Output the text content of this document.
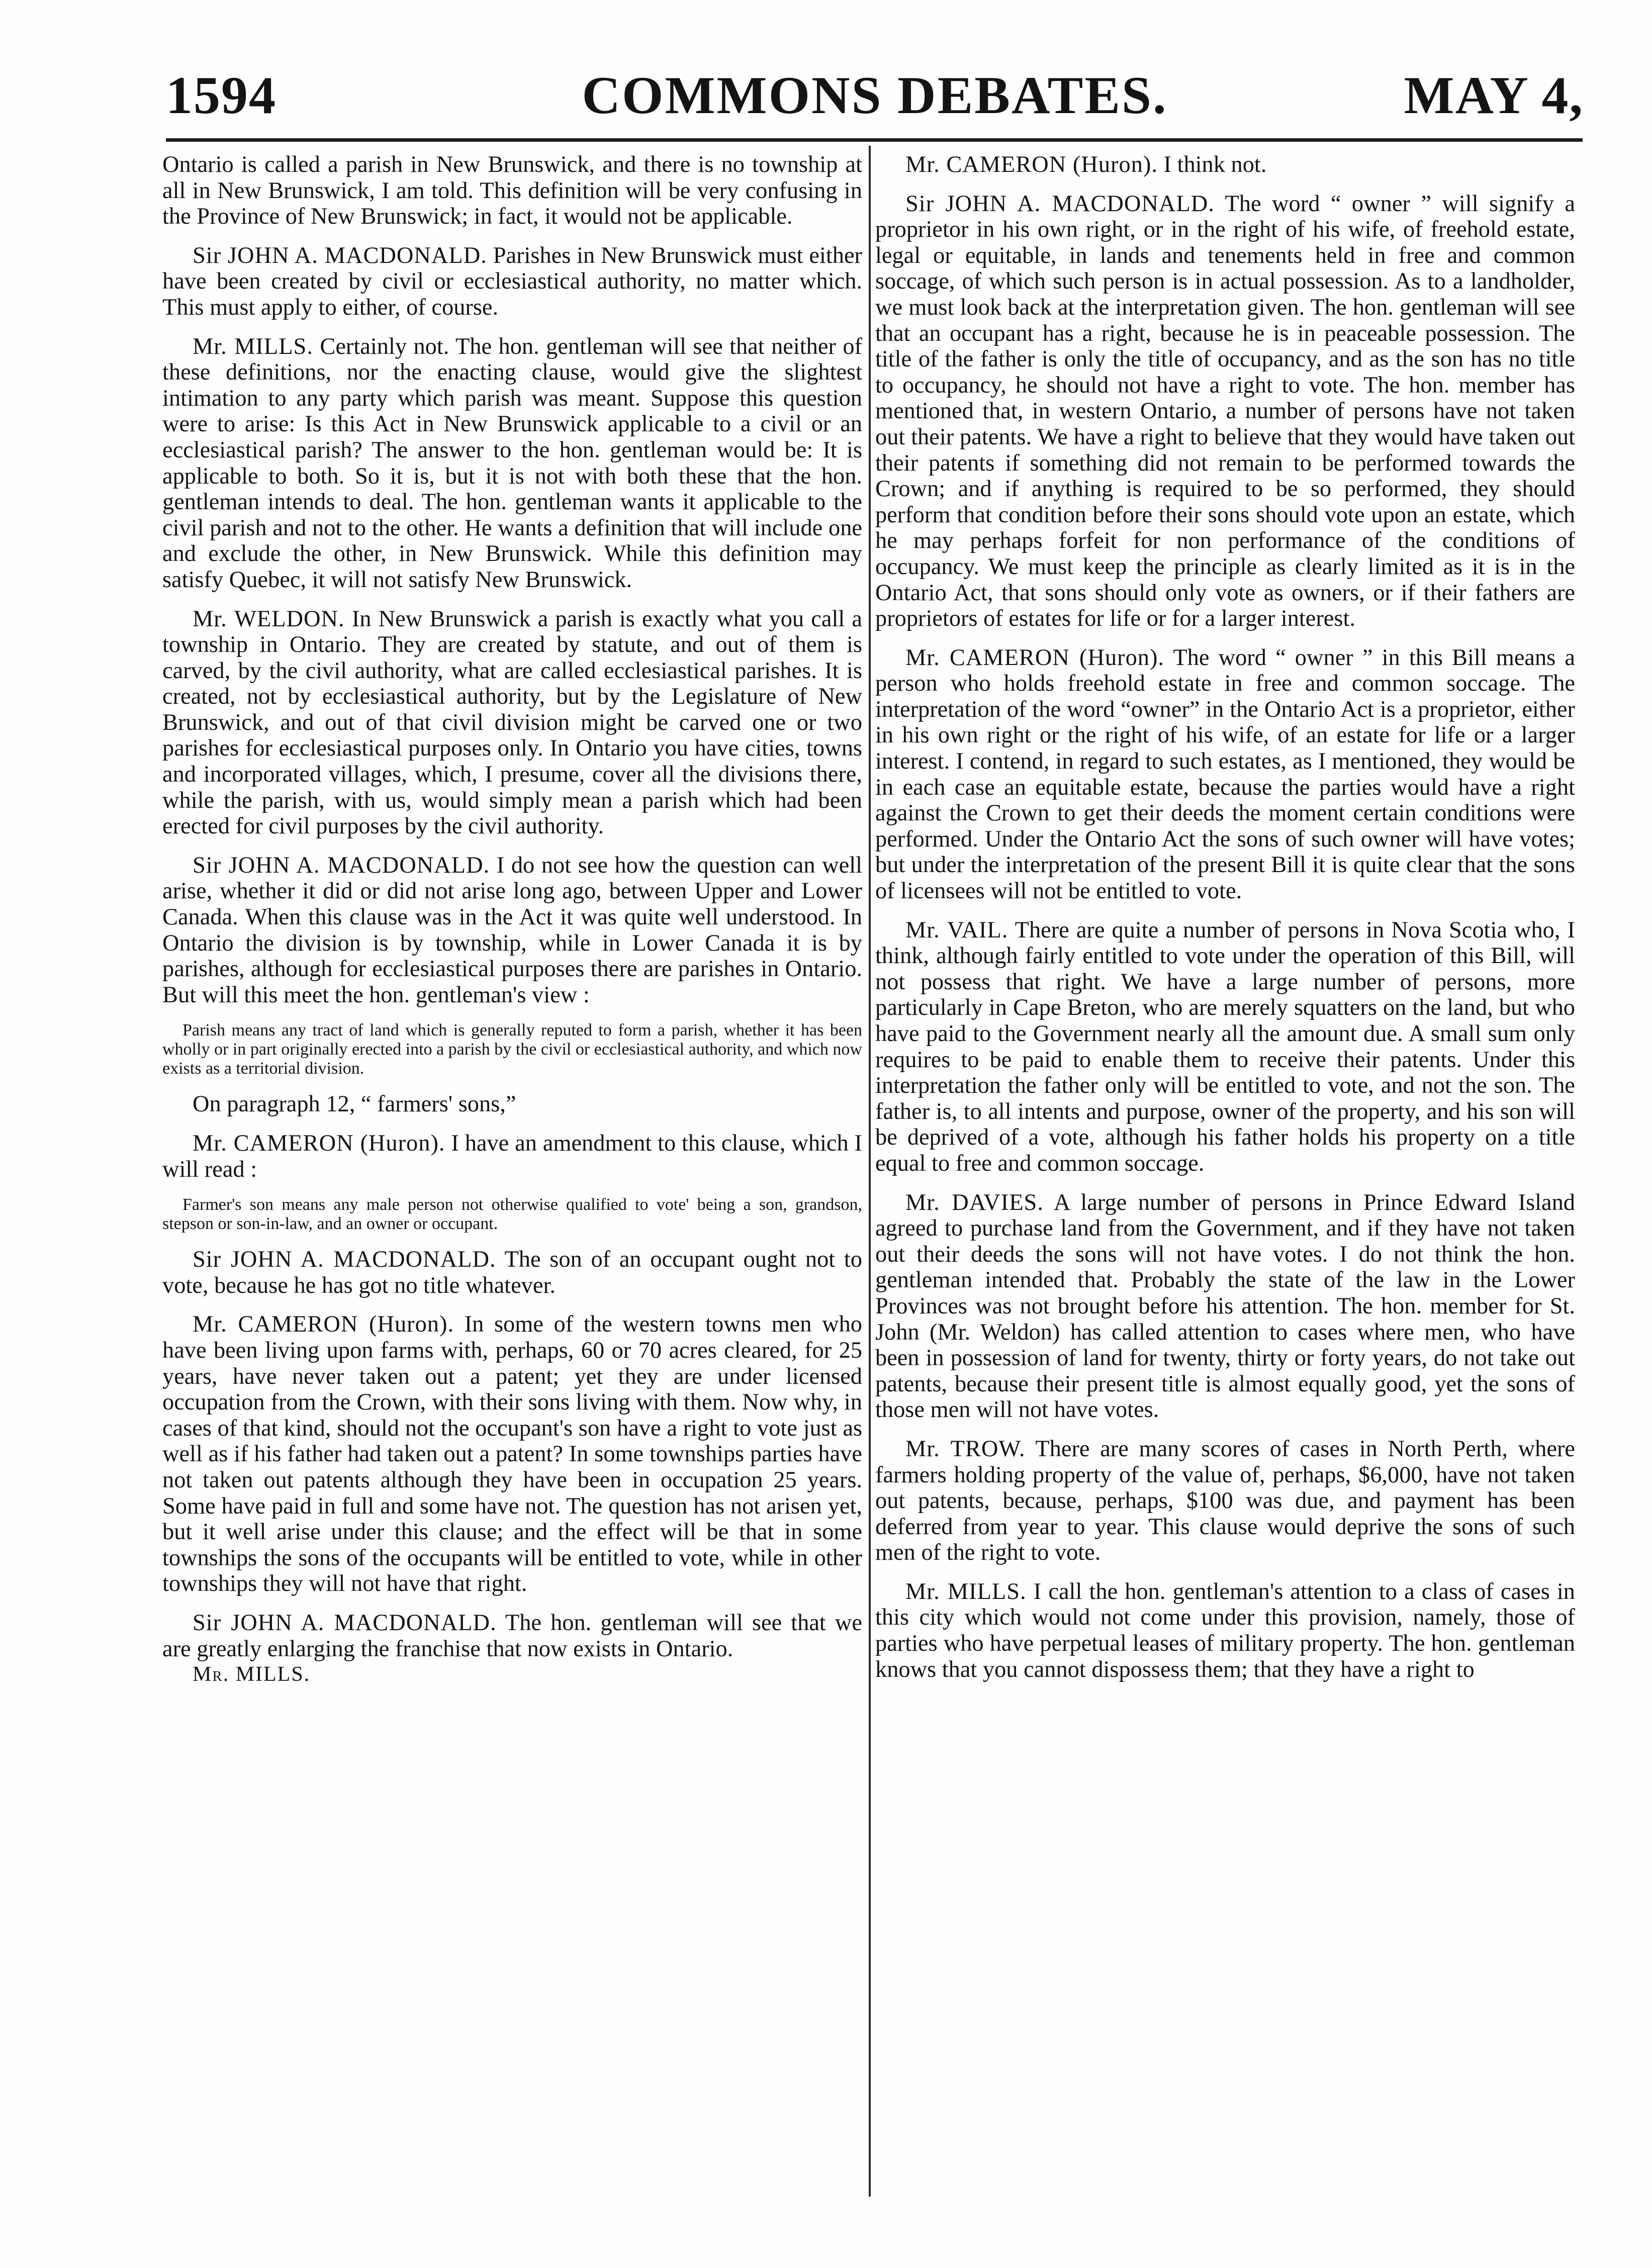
1594	COMMONS DEBATES.	MAY 4,

Ontario is called a parish in New Brunswick, and there is no township at all in New Brunswick, I am told. This definition will be very confusing in the Province of New Brunswick; in fact, it would not be applicable.

Sir JOHN A. MACDONALD. Parishes in New Brunswick must either have been created by civil or ecclesiastical authority, no matter which. This must apply to either, of course.

Mr. MILLS. Certainly not. The hon. gentleman will see that neither of these definitions, nor the enacting clause, would give the slightest intimation to any party which parish was meant. Suppose this question were to arise: Is this Act in New Brunswick applicable to a civil or an ecclesiastical parish? The answer to the hon. gentleman would be: It is applicable to both. So it is, but it is not with both these that the hon. gentleman intends to deal. The hon. gentleman wants it applicable to the civil parish and not to the other. He wants a definition that will include one and exclude the other, in New Brunswick. While this definition may satisfy Quebec, it will not satisfy New Brunswick.

Mr. WELDON. In New Brunswick a parish is exactly what you call a township in Ontario. They are created by statute, and out of them is carved, by the civil authority, what are called ecclesiastical parishes. It is created, not by ecclesiastical authority, but by the Legislature of New Brunswick, and out of that civil division might be carved one or two parishes for ecclesiastical purposes only. In Ontario you have cities, towns and incorporated villages, which, I presume, cover all the divisions there, while the parish, with us, would simply mean a parish which had been erected for civil purposes by the civil authority.

Sir JOHN A. MACDONALD. I do not see how the question can well arise, whether it did or did not arise long ago, between Upper and Lower Canada. When this clause was in the Act it was quite well understood. In Ontario the division is by township, while in Lower Canada it is by parishes, although for ecclesiastical purposes there are parishes in Ontario. But will this meet the hon. gentleman's view :

Parish means any tract of land which is generally reputed to form a parish, whether it has been wholly or in part originally erected into a parish by the civil or ecclesiastical authority, and which now exists as a territorial division.

On paragraph 12, “ farmers' sons,”

Mr. CAMERON (Huron). I have an amendment to this clause, which I will read :

Farmer's son means any male person not otherwise qualified to vote' being a son, grandson, stepson or son-in-law, and an owner or occupant.

Sir JOHN A. MACDONALD. The son of an occupant ought not to vote, because he has got no title whatever.

Mr. CAMERON (Huron). In some of the western towns men who have been living upon farms with, perhaps, 60 or 70 acres cleared, for 25 years, have never taken out a patent; yet they are under licensed occupation from the Crown, with their sons living with them. Now why, in cases of that kind, should not the occupant's son have a right to vote just as well as if his father had taken out a patent? In some townships parties have not taken out patents although they have been in occupation 25 years. Some have paid in full and some have not. The question has not arisen yet, but it well arise under this clause; and the effect will be that in some townships the sons of the occupants will be entitled to vote, while in other townships they will not have that right.

Sir JOHN A. MACDONALD. The hon. gentleman will see that we are greatly enlarging the franchise that now exists in Ontario.

Mr. MILLS.

Mr. CAMERON (Huron). I think not.

Sir JOHN A. MACDONALD. The word “ owner ” will signify a proprietor in his own right, or in the right of his wife, of freehold estate, legal or equitable, in lands and tenements held in free and common soccage, of which such person is in actual possession. As to a landholder, we must look back at the interpretation given. The hon. gentleman will see that an occupant has a right, because he is in peaceable possession. The title of the father is only the title of occupancy, and as the son has no title to occupancy, he should not have a right to vote. The hon. member has mentioned that, in western Ontario, a number of persons have not taken out their patents. We have a right to believe that they would have taken out their patents if something did not remain to be performed towards the Crown; and if anything is required to be so performed, they should perform that condition before their sons should vote upon an estate, which he may perhaps forfeit for non performance of the conditions of occupancy. We must keep the principle as clearly limited as it is in the Ontario Act, that sons should only vote as owners, or if their fathers are proprietors of estates for life or for a larger interest.

Mr. CAMERON (Huron). The word “ owner ” in this Bill means a person who holds freehold estate in free and common soccage. The interpretation of the word “owner” in the Ontario Act is a proprietor, either in his own right or the right of his wife, of an estate for life or a larger interest. I contend, in regard to such estates, as I mentioned, they would be in each case an equitable estate, because the parties would have a right against the Crown to get their deeds the moment certain conditions were performed. Under the Ontario Act the sons of such owner will have votes; but under the interpretation of the present Bill it is quite clear that the sons of licensees will not be entitled to vote.

Mr. VAIL. There are quite a number of persons in Nova Scotia who, I think, although fairly entitled to vote under the operation of this Bill, will not possess that right. We have a large number of persons, more particularly in Cape Breton, who are merely squatters on the land, but who have paid to the Government nearly all the amount due. A small sum only requires to be paid to enable them to receive their patents. Under this interpretation the father only will be entitled to vote, and not the son. The father is, to all intents and purpose, owner of the property, and his son will be deprived of a vote, although his father holds his property on a title equal to free and common soccage.

Mr. DAVIES. A large number of persons in Prince Edward Island agreed to purchase land from the Government, and if they have not taken out their deeds the sons will not have votes. I do not think the hon. gentleman intended that. Probably the state of the law in the Lower Provinces was not brought before his attention. The hon. member for St. John (Mr. Weldon) has called attention to cases where men, who have been in possession of land for twenty, thirty or forty years, do not take out patents, because their present title is almost equally good, yet the sons of those men will not have votes.

Mr. TROW. There are many scores of cases in North Perth, where farmers holding property of the value of, perhaps, $6,000, have not taken out patents, because, perhaps, $100 was due, and payment has been deferred from year to year. This clause would deprive the sons of such men of the right to vote.

Mr. MILLS. I call the hon. gentleman's attention to a class of cases in this city which would not come under this provision, namely, those of parties who have perpetual leases of military property. The hon. gentleman knows that you cannot dispossess them; that they have a right to
